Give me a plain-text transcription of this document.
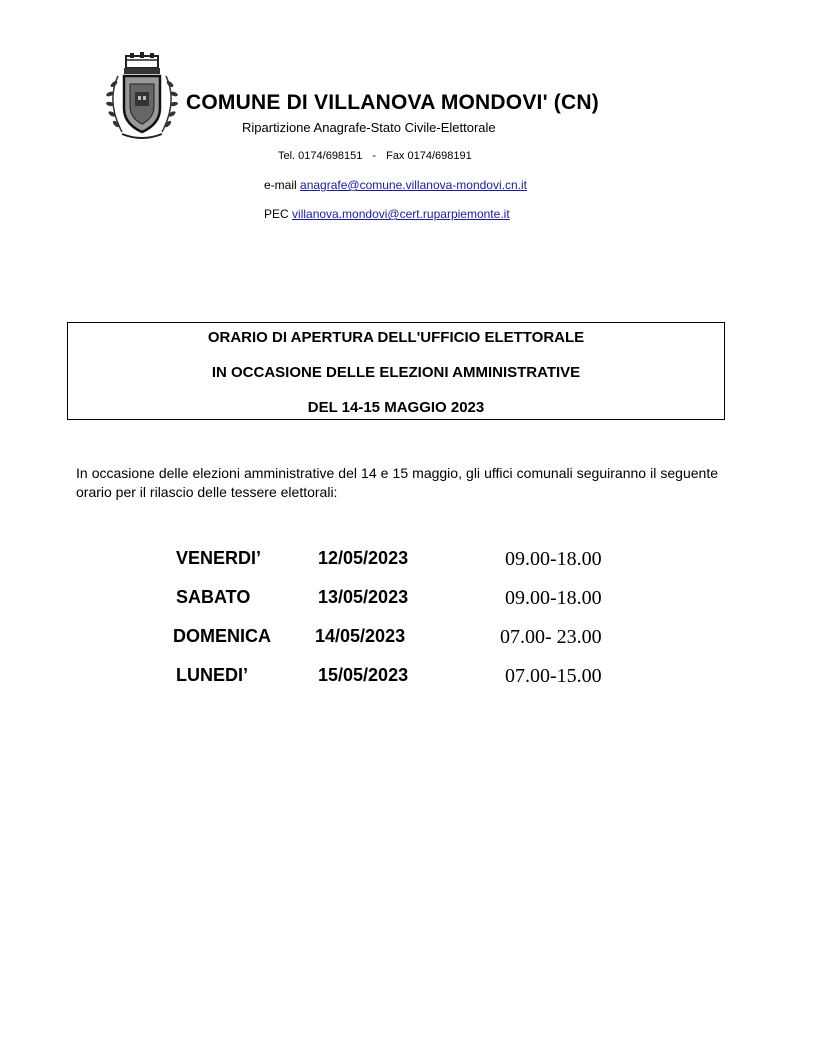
COMUNE DI VILLANOVA MONDOVI' (CN)
Ripartizione Anagrafe-Stato Civile-Elettorale
Tel. 0174/698151 - Fax 0174/698191
e-mail anagrafe@comune.villanova-mondovi.cn.it
PEC villanova.mondovi@cert.ruparpiemonte.it
ORARIO DI APERTURA DELL'UFFICIO ELETTORALE
IN OCCASIONE DELLE ELEZIONI AMMINISTRATIVE
DEL 14-15 MAGGIO 2023
In occasione delle elezioni amministrative del 14 e 15 maggio, gli uffici comunali seguiranno il seguente orario per il rilascio delle tessere elettorali:
VENERDI’	12/05/2023	09.00-18.00
SABATO	13/05/2023	09.00-18.00
DOMENICA 14/05/2023	07.00- 23.00
LUNEDI’	15/05/2023	07.00-15.00
